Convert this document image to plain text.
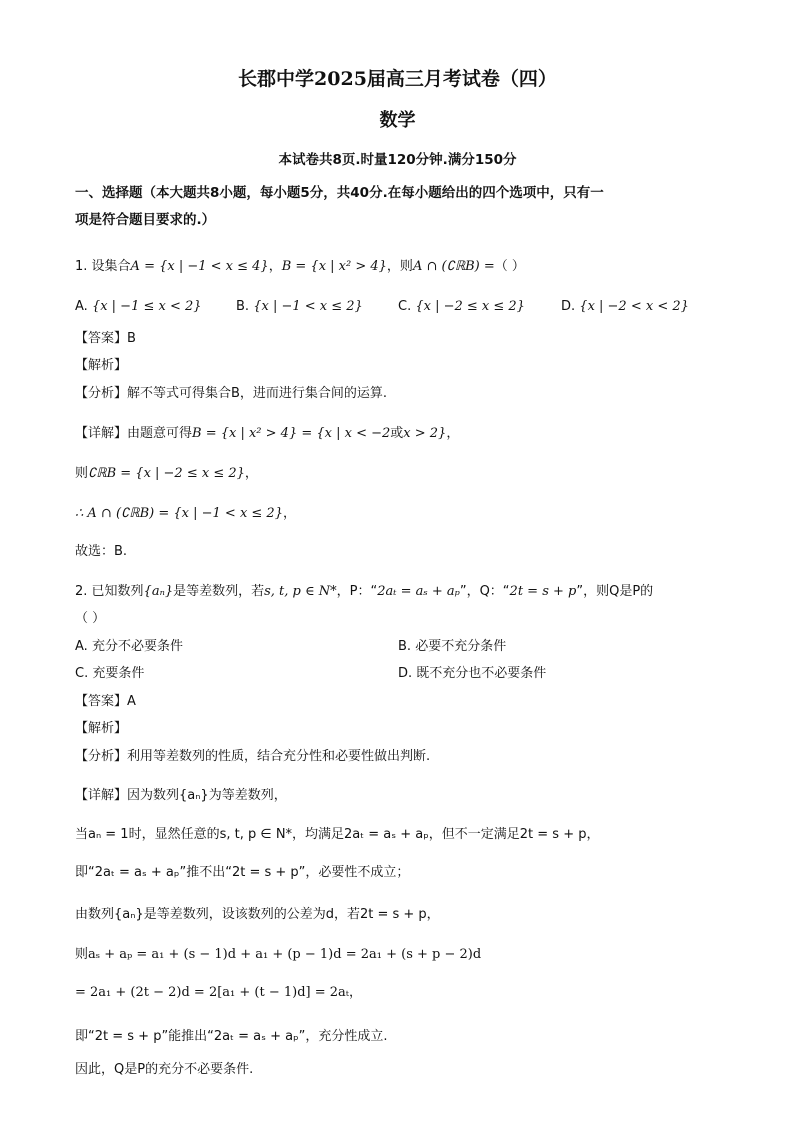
长郡中学2025届高三月考试卷（四）
数学
本试卷共8页.时量120分钟.满分150分
一、选择题（本大题共8小题，每小题5分，共40分.在每小题给出的四个选项中，只有一
项是符合题目要求的.）
1. 设集合A = {x | −1 < x ≤ 4}，B = {x | x² > 4}，则A ∩ (∁ℝB) =（ ）
A. {x | −1 ≤ x < 2}	B. {x | −1 < x ≤ 2}	C. {x | −2 ≤ x ≤ 2}	D. {x | −2 < x < 2}
【答案】B
【解析】
【分析】解不等式可得集合B，进而进行集合间的运算.
【详解】由题意可得B = {x | x² > 4} = {x | x < −2或x > 2}，
则∁ℝB = {x | −2 ≤ x ≤ 2}，
∴ A ∩ (∁ℝB) = {x | −1 < x ≤ 2}，
故选：B.
2. 已知数列{aₙ}是等差数列，若s, t, p ∈ N*，P：“2aₜ = aₛ + aₚ”，Q：“2t = s + p”，则Q是P的
（ ）
A. 充分不必要条件	B. 必要不充分条件
C. 充要条件	D. 既不充分也不必要条件
【答案】A
【解析】
【分析】利用等差数列的性质，结合充分性和必要性做出判断.
【详解】因为数列{aₙ}为等差数列，
当aₙ = 1时，显然任意的s, t, p ∈ N*，均满足2aₜ = aₛ + aₚ，但不一定满足2t = s + p，
即“2aₜ = aₛ + aₚ”推不出“2t = s + p”，必要性不成立；
由数列{aₙ}是等差数列，设该数列的公差为d，若2t = s + p，
则aₛ + aₚ = a₁ + (s − 1)d + a₁ + (p − 1)d = 2a₁ + (s + p − 2)d
= 2a₁ + (2t − 2)d = 2[a₁ + (t − 1)d] = 2aₜ，
即“2t = s + p”能推出“2aₜ = aₛ + aₚ”，充分性成立.
因此，Q是P的充分不必要条件.
